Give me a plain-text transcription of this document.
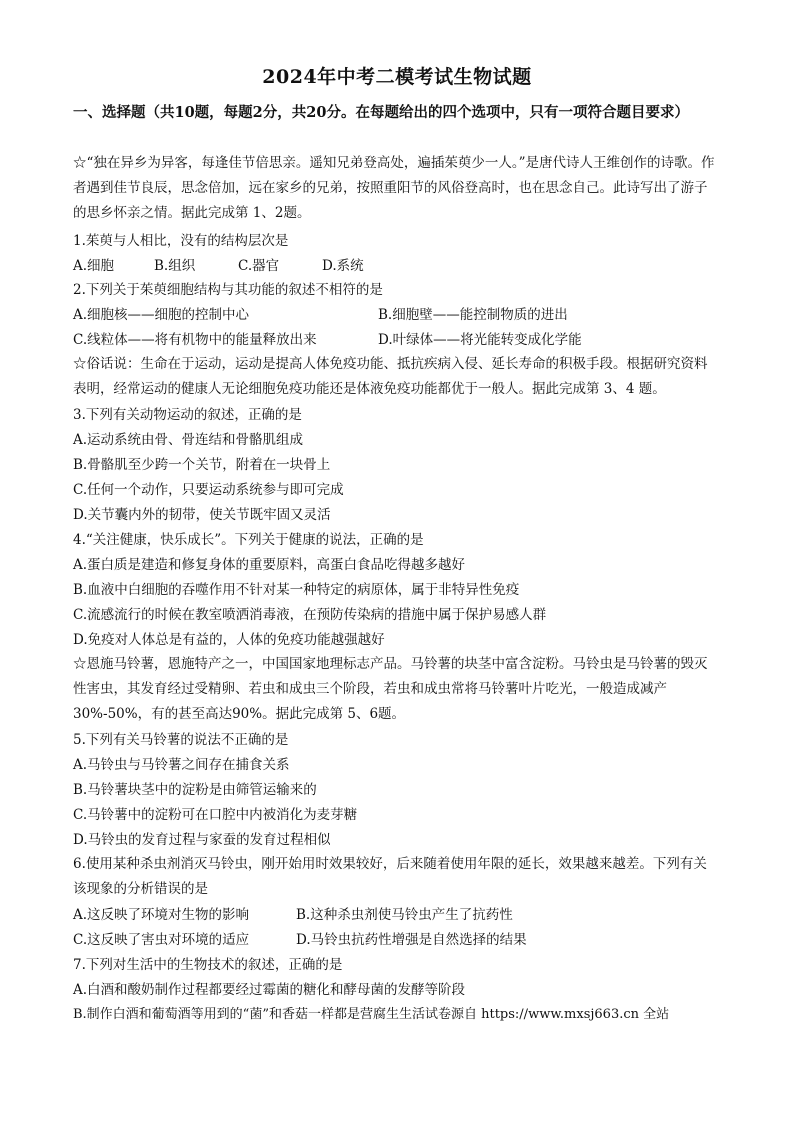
2024年中考二模考试生物试题
一、选择题（共10题，每题2分，共20分。在每题给出的四个选项中，只有一项符合题目要求）
☆“独在异乡为异客，每逢佳节倍思亲。遥知兄弟登高处，遍插茱萸少一人。”是唐代诗人王维创作的诗歌。作者遇到佳节良辰，思念倍加，远在家乡的兄弟，按照重阳节的风俗登高时，也在思念自己。此诗写出了游子的思乡怀亲之情。据此完成第 1、2题。
1.茱萸与人相比，没有的结构层次是
A.细胞	B.组织	C.器官	D.系统
2.下列关于茱萸细胞结构与其功能的叙述不相符的是
A.细胞核——细胞的控制中心	B.细胞壁——能控制物质的进出
C.线粒体——将有机物中的能量释放出来	D.叶绿体——将光能转变成化学能
☆俗话说：生命在于运动，运动是提高人体免疫功能、抵抗疾病入侵、延长寿命的积极手段。根据研究资料表明，经常运动的健康人无论细胞免疫功能还是体液免疫功能都优于一般人。据此完成第 3、4 题。
3.下列有关动物运动的叙述，正确的是
A.运动系统由骨、骨连结和骨骼肌组成
B.骨骼肌至少跨一个关节，附着在一块骨上
C.任何一个动作，只要运动系统参与即可完成
D.关节囊内外的韧带，使关节既牢固又灵活
4.“关注健康，快乐成长”。下列关于健康的说法，正确的是
A.蛋白质是建造和修复身体的重要原料，高蛋白食品吃得越多越好
B.血液中白细胞的吞噬作用不针对某一种特定的病原体，属于非特异性免疫
C.流感流行的时候在教室喷洒消毒液，在预防传染病的措施中属于保护易感人群
D.免疫对人体总是有益的，人体的免疫功能越强越好
☆恩施马铃薯，恩施特产之一，中国国家地理标志产品。马铃薯的块茎中富含淀粉。马铃虫是马铃薯的毁灭性害虫，其发育经过受精卵、若虫和成虫三个阶段，若虫和成虫常将马铃薯叶片吃光，一般造成减产30%-50%，有的甚至高达90%。据此完成第 5、6题。
5.下列有关马铃薯的说法不正确的是
A.马铃虫与马铃薯之间存在捕食关系
B.马铃薯块茎中的淀粉是由筛管运输来的
C.马铃薯中的淀粉可在口腔中内被消化为麦芽糖
D.马铃虫的发育过程与家蚕的发育过程相似
6.使用某种杀虫剂消灭马铃虫，刚开始用时效果较好，后来随着使用年限的延长，效果越来越差。下列有关该现象的分析错误的是
A.这反映了环境对生物的影响	B.这种杀虫剂使马铃虫产生了抗药性
C.这反映了害虫对环境的适应	D.马铃虫抗药性增强是自然选择的结果
7.下列对生活中的生物技术的叙述，正确的是
A.白酒和酸奶制作过程都要经过霉菌的糖化和酵母菌的发酵等阶段
B.制作白酒和葡萄酒等用到的“菌”和香菇一样都是营腐生生活试卷源自 https://www.mxsj663.cn 全站
